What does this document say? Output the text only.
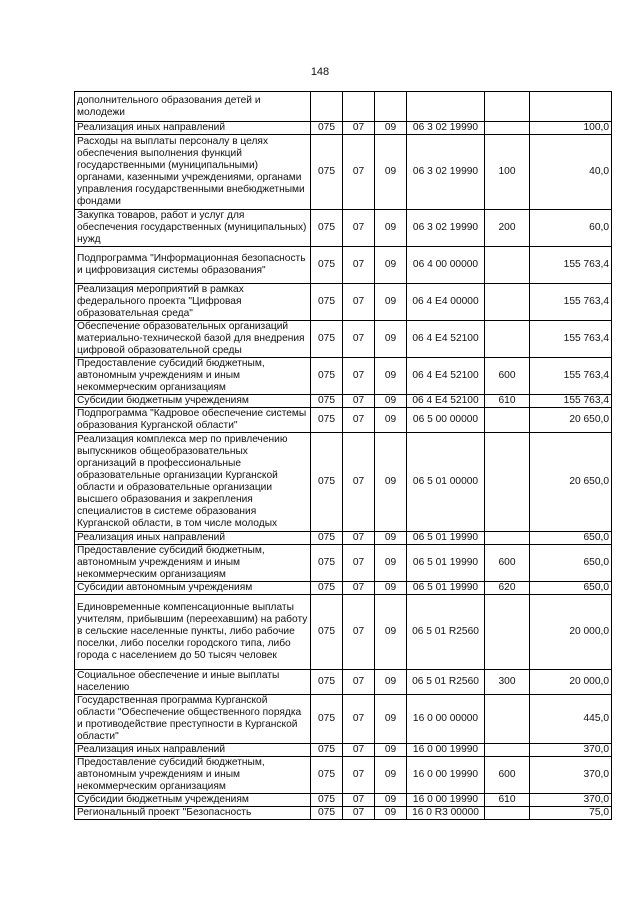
148
дополнительного образования детей и молодежи						
Реализация иных направлений	075	07	09	06 3 02 19990		100,0
Расходы на выплаты персоналу в целях обеспечения выполнения функций государственными (муниципальными) органами, казенными учреждениями, органами управления государственными внебюджетными фондами	075	07	09	06 3 02 19990	100	40,0
Закупка товаров, работ и услуг для обеспечения государственных (муниципальных) нужд	075	07	09	06 3 02 19990	200	60,0
Подпрограмма "Информационная безопасность и цифровизация системы образования"	075	07	09	06 4 00 00000		155 763,4
Реализация мероприятий в рамках федерального проекта "Цифровая образовательная среда"	075	07	09	06 4 E4 00000		155 763,4
Обеспечение образовательных организаций материально-технической базой для внедрения цифровой образовательной среды	075	07	09	06 4 E4 52100		155 763,4
Предоставление субсидий бюджетным, автономным учреждениям и иным некоммерческим организациям	075	07	09	06 4 E4 52100	600	155 763,4
Субсидии бюджетным учреждениям	075	07	09	06 4 E4 52100	610	155 763,4
Подпрограмма "Кадровое обеспечение системы образования Курганской области"	075	07	09	06 5 00 00000		20 650,0
Реализация комплекса мер по привлечению выпускников общеобразовательных организаций в профессиональные образовательные организации Курганской области и образовательные организации высшего образования и закрепления специалистов в системе образования Курганской области, в том числе молодых	075	07	09	06 5 01 00000		20 650,0
Реализация иных направлений	075	07	09	06 5 01 19990		650,0
Предоставление субсидий бюджетным, автономным учреждениям и иным некоммерческим организациям	075	07	09	06 5 01 19990	600	650,0
Субсидии автономным учреждениям	075	07	09	06 5 01 19990	620	650,0
Единовременные компенсационные выплаты учителям, прибывшим (переехавшим) на работу в сельские населенные пункты, либо рабочие поселки, либо поселки городского типа, либо города с населением до 50 тысяч человек	075	07	09	06 5 01 R2560		20 000,0
Социальное обеспечение и иные выплаты населению	075	07	09	06 5 01 R2560	300	20 000,0
Государственная программа Курганской области "Обеспечение общественного порядка и противодействие преступности в Курганской области"	075	07	09	16 0 00 00000		445,0
Реализация иных направлений	075	07	09	16 0 00 19990		370,0
Предоставление субсидий бюджетным, автономным учреждениям и иным некоммерческим организациям	075	07	09	16 0 00 19990	600	370,0
Субсидии бюджетным учреждениям	075	07	09	16 0 00 19990	610	370,0
Региональный проект "Безопасность	075	07	09	16 0 R3 00000		75,0
